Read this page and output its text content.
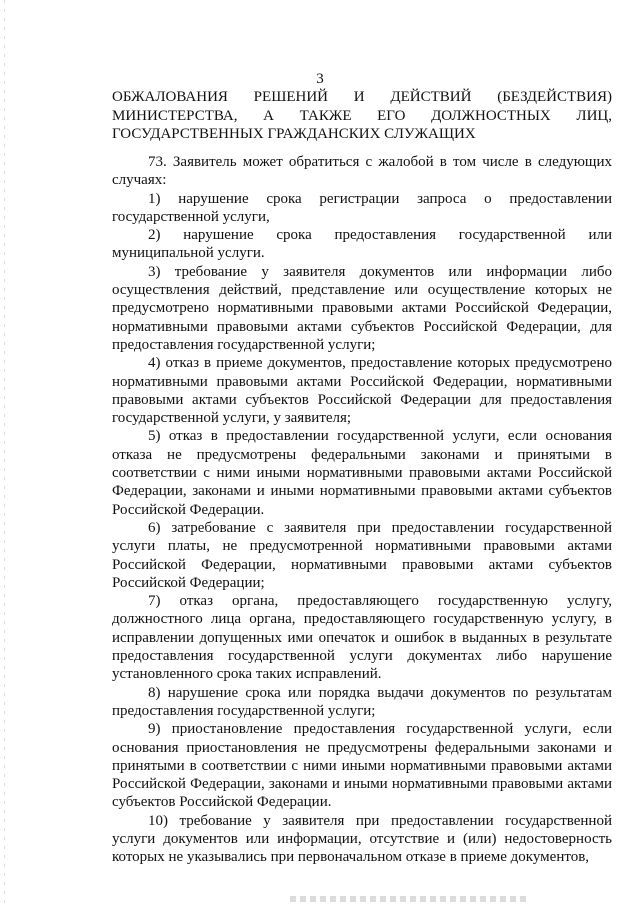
3
ОБЖАЛОВАНИЯ РЕШЕНИЙ И ДЕЙСТВИЙ (БЕЗДЕЙСТВИЯ)
МИНИСТЕРСТВА, А ТАКЖЕ ЕГО ДОЛЖНОСТНЫХ ЛИЦ,
ГОСУДАРСТВЕННЫХ ГРАЖДАНСКИХ СЛУЖАЩИХ

73. Заявитель может обратиться с жалобой в том числе в следующих случаях:

1) нарушение срока регистрации запроса о предоставлении государственной услуги,

2) нарушение срока предоставления государственной или муниципальной услуги.

3) требование у заявителя документов или информации либо осуществления действий, представление или осуществление которых не предусмотрено нормативными правовыми актами Российской Федерации, нормативными правовыми актами субъектов Российской Федерации, для предоставления государственной услуги;

4) отказ в приеме документов, предоставление которых предусмотрено нормативными правовыми актами Российской Федерации, нормативными правовыми актами субъектов Российской Федерации для предоставления государственной услуги, у заявителя;

5) отказ в предоставлении государственной услуги, если основания отказа не предусмотрены федеральными законами и принятыми в соответствии с ними иными нормативными правовыми актами Российской Федерации, законами и иными нормативными правовыми актами субъектов Российской Федерации.

6) затребование с заявителя при предоставлении государственной услуги платы, не предусмотренной нормативными правовыми актами Российской Федерации, нормативными правовыми актами субъектов Российской Федерации;

7) отказ органа, предоставляющего государственную услугу, должностного лица органа, предоставляющего государственную услугу, в исправлении допущенных ими опечаток и ошибок в выданных в результате предоставления государственной услуги документах либо нарушение установленного срока таких исправлений.

8) нарушение срока или порядка выдачи документов по результатам предоставления государственной услуги;

9) приостановление предоставления государственной услуги, если основания приостановления не предусмотрены федеральными законами и принятыми в соответствии с ними иными нормативными правовыми актами Российской Федерации, законами и иными нормативными правовыми актами субъектов Российской Федерации.

10) требование у заявителя при предоставлении государственной услуги документов или информации, отсутствие и (или) недостоверность которых не указывались при первоначальном отказе в приеме документов,
